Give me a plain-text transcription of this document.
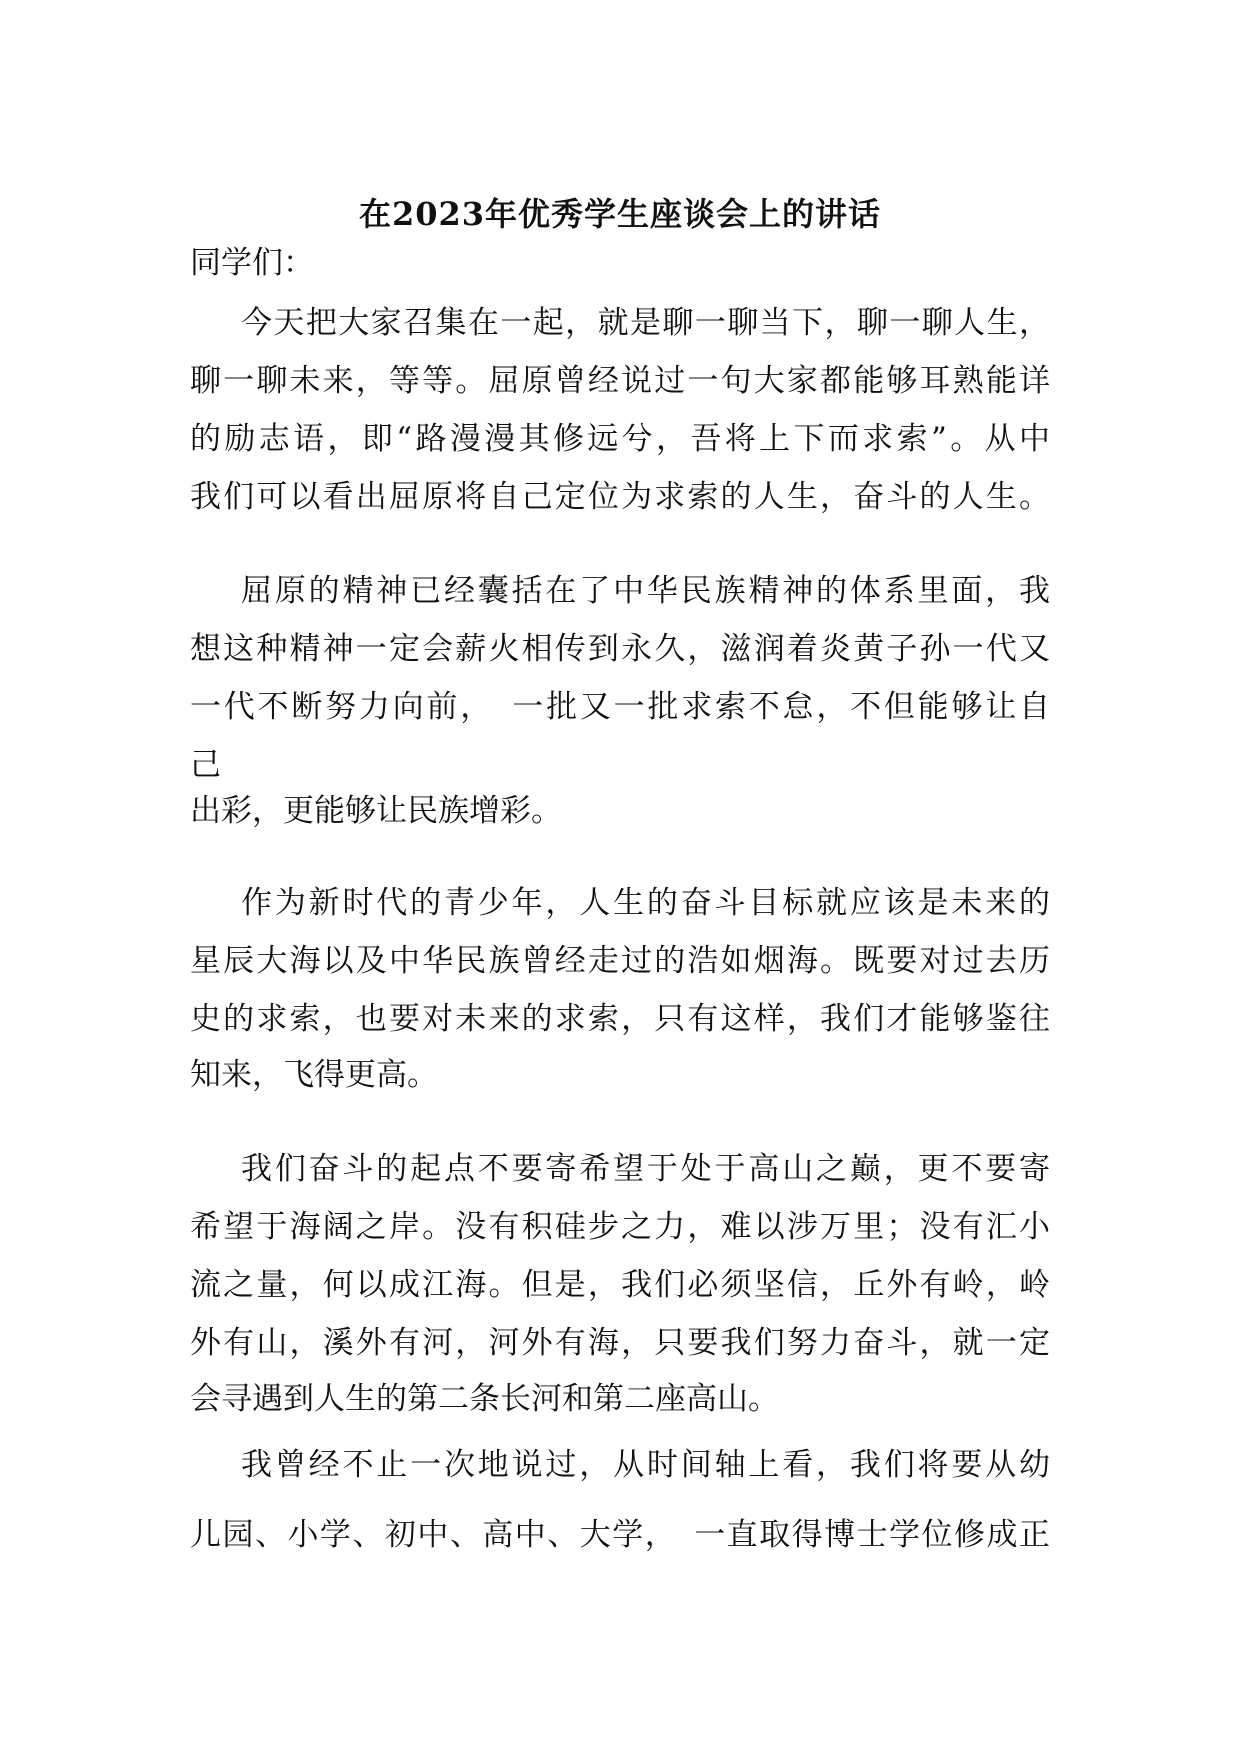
在2023年优秀学生座谈会上的讲话
同学们：
今天把大家召集在一起，就是聊一聊当下，聊一聊人生，
聊一聊未来，等等。屈原曾经说过一句大家都能够耳熟能详
的励志语，即“路漫漫其修远兮，吾将上下而求索”。从中
我们可以看出屈原将自己定位为求索的人生，奋斗的人生。
屈原的精神已经囊括在了中华民族精神的体系里面，我
想这种精神一定会薪火相传到永久，滋润着炎黄子孙一代又
一代不断努力向前，　一批又一批求索不怠，不但能够让自
己
出彩，更能够让民族增彩。
作为新时代的青少年，人生的奋斗目标就应该是未来的
星辰大海以及中华民族曾经走过的浩如烟海。既要对过去历
史的求索，也要对未来的求索，只有这样，我们才能够鉴往
知来，飞得更高。
我们奋斗的起点不要寄希望于处于高山之巅，更不要寄
希望于海阔之岸。没有积硅步之力，难以涉万里；没有汇小
流之量，何以成江海。但是，我们必须坚信，丘外有岭，岭
外有山，溪外有河，河外有海，只要我们努力奋斗，就一定
会寻遇到人生的第二条长河和第二座高山。
我曾经不止一次地说过，从时间轴上看，我们将要从幼
儿园、小学、初中、高中、大学，　一直取得博士学位修成正
